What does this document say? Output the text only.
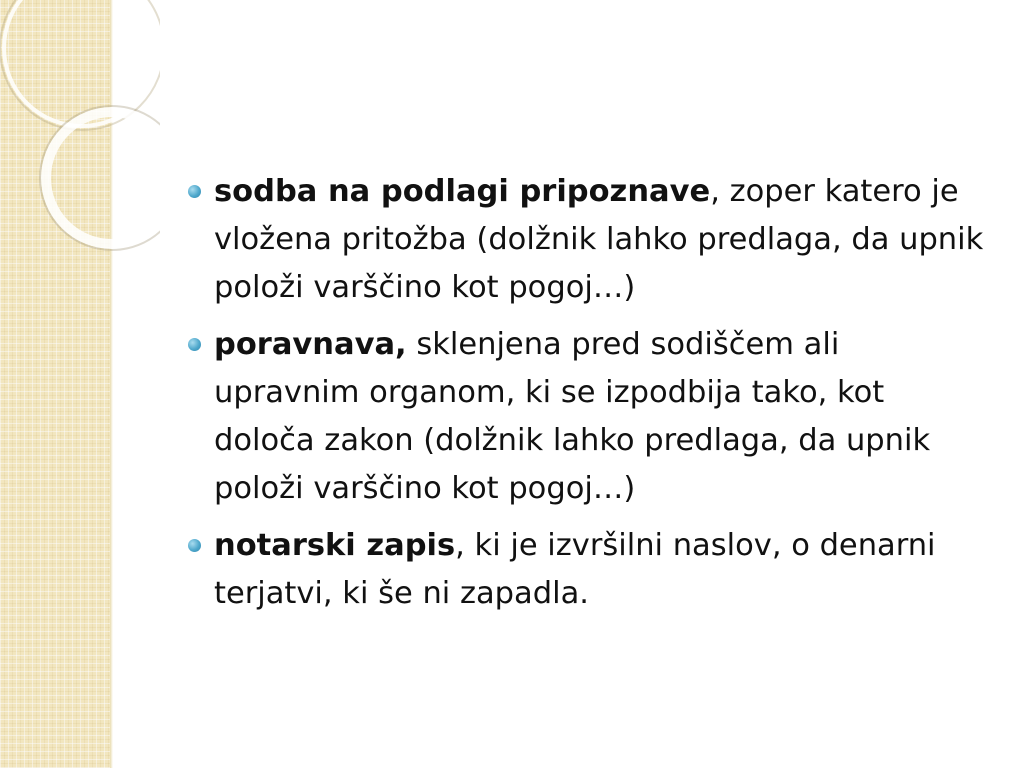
sodba na podlagi pripoznave, zoper katero je vložena pritožba (dolžnik lahko predlaga, da upnik položi varščino kot pogoj…)
poravnava, sklenjena pred sodiščem ali upravnim organom, ki se izpodbija tako, kot določa zakon (dolžnik lahko predlaga, da upnik položi varščino kot pogoj…)
notarski zapis, ki je izvršilni naslov, o denarni terjatvi, ki še ni zapadla.
